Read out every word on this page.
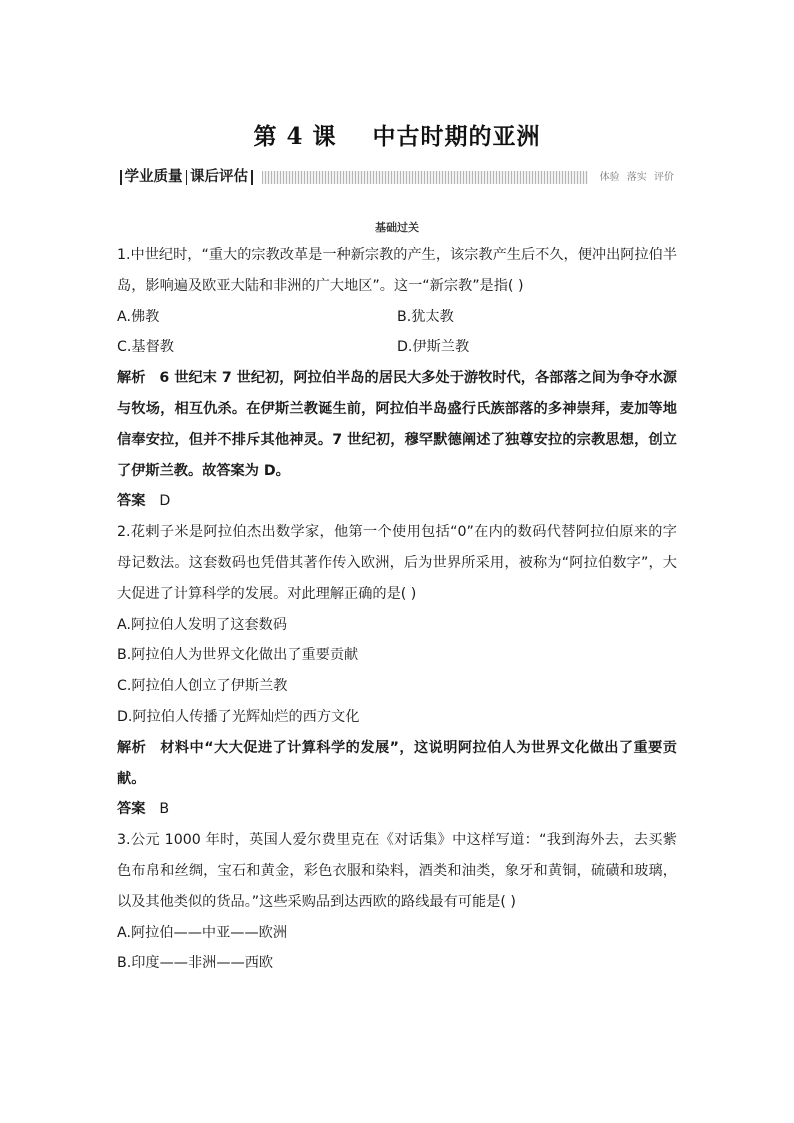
第 4 课    中古时期的亚洲
学业质量 课后评估	体验 落实 评价
基础过关

1.中世纪时，“重大的宗教改革是一种新宗教的产生，该宗教产生后不久，便冲出阿拉伯半岛，影响遍及欧亚大陆和非洲的广大地区”。这一“新宗教”是指( )

A.佛教	B.犹太教
C.基督教	D.伊斯兰教

解析 6 世纪末 7 世纪初，阿拉伯半岛的居民大多处于游牧时代，各部落之间为争夺水源与牧场，相互仇杀。在伊斯兰教诞生前，阿拉伯半岛盛行氏族部落的多神崇拜，麦加等地信奉安拉，但并不排斥其他神灵。7 世纪初，穆罕默德阐述了独尊安拉的宗教思想，创立了伊斯兰教。故答案为 D。

答案 D

2.花剌子米是阿拉伯杰出数学家，他第一个使用包括“0”在内的数码代替阿拉伯原来的字母记数法。这套数码也凭借其著作传入欧洲，后为世界所采用，被称为“阿拉伯数字”，大大促进了计算科学的发展。对此理解正确的是( )

A.阿拉伯人发明了这套数码

B.阿拉伯人为世界文化做出了重要贡献

C.阿拉伯人创立了伊斯兰教

D.阿拉伯人传播了光辉灿烂的西方文化

解析 材料中“大大促进了计算科学的发展”，这说明阿拉伯人为世界文化做出了重要贡献。

答案 B

3.公元 1000 年时，英国人爱尔费里克在《对话集》中这样写道：“我到海外去，去买紫色布帛和丝绸，宝石和黄金，彩色衣服和染料，酒类和油类，象牙和黄铜，硫磺和玻璃，以及其他类似的货品。”这些采购品到达西欧的路线最有可能是( )

A.阿拉伯——中亚——欧洲

B.印度——非洲——西欧
